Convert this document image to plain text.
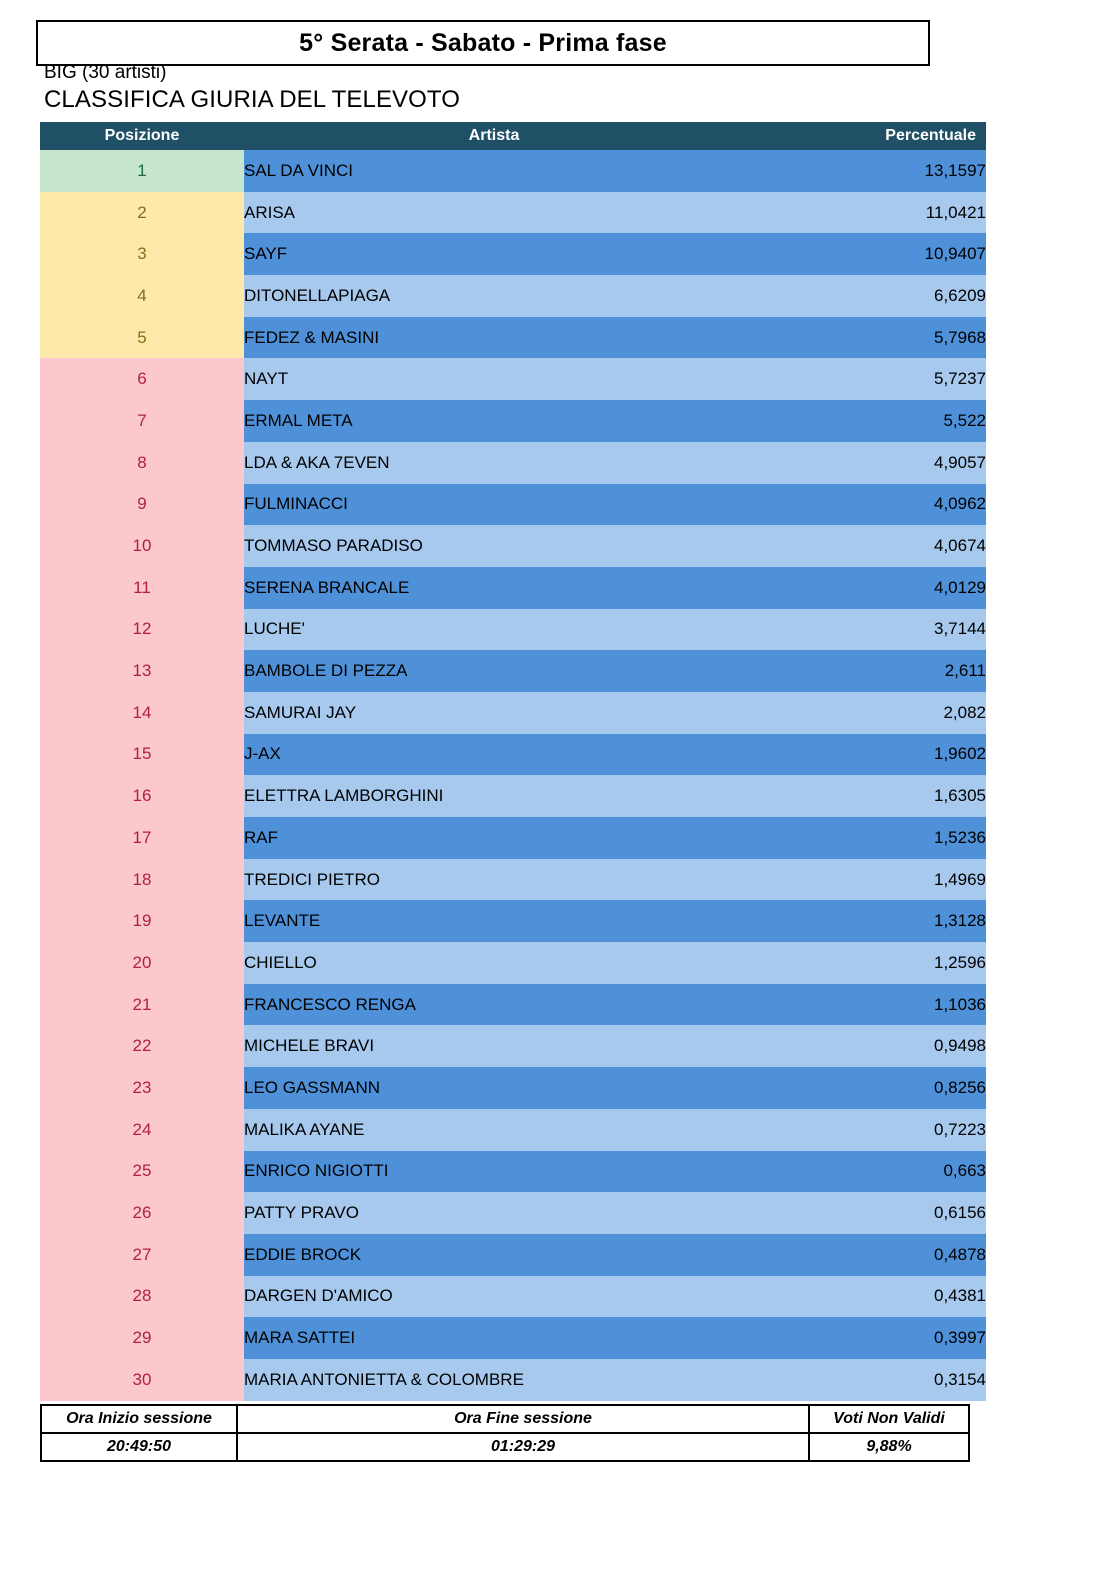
5° Serata - Sabato - Prima fase
BIG (30 artisti)
CLASSIFICA GIURIA DEL TELEVOTO
Posizione	Artista	Percentuale
1	SAL DA VINCI	13,1597
2	ARISA	11,0421
3	SAYF	10,9407
4	DITONELLAPIAGA	6,6209
5	FEDEZ & MASINI	5,7968
6	NAYT	5,7237
7	ERMAL META	5,522
8	LDA & AKA 7EVEN	4,9057
9	FULMINACCI	4,0962
10	TOMMASO PARADISO	4,0674
11	SERENA BRANCALE	4,0129
12	LUCHE'	3,7144
13	BAMBOLE DI PEZZA	2,611
14	SAMURAI JAY	2,082
15	J-AX	1,9602
16	ELETTRA LAMBORGHINI	1,6305
17	RAF	1,5236
18	TREDICI PIETRO	1,4969
19	LEVANTE	1,3128
20	CHIELLO	1,2596
21	FRANCESCO RENGA	1,1036
22	MICHELE BRAVI	0,9498
23	LEO GASSMANN	0,8256
24	MALIKA AYANE	0,7223
25	ENRICO NIGIOTTI	0,663
26	PATTY PRAVO	0,6156
27	EDDIE BROCK	0,4878
28	DARGEN D'AMICO	0,4381
29	MARA SATTEI	0,3997
30	MARIA ANTONIETTA & COLOMBRE	0,3154
Ora Inizio sessione	Ora Fine sessione	Voti Non Validi
20:49:50	01:29:29	9,88%
